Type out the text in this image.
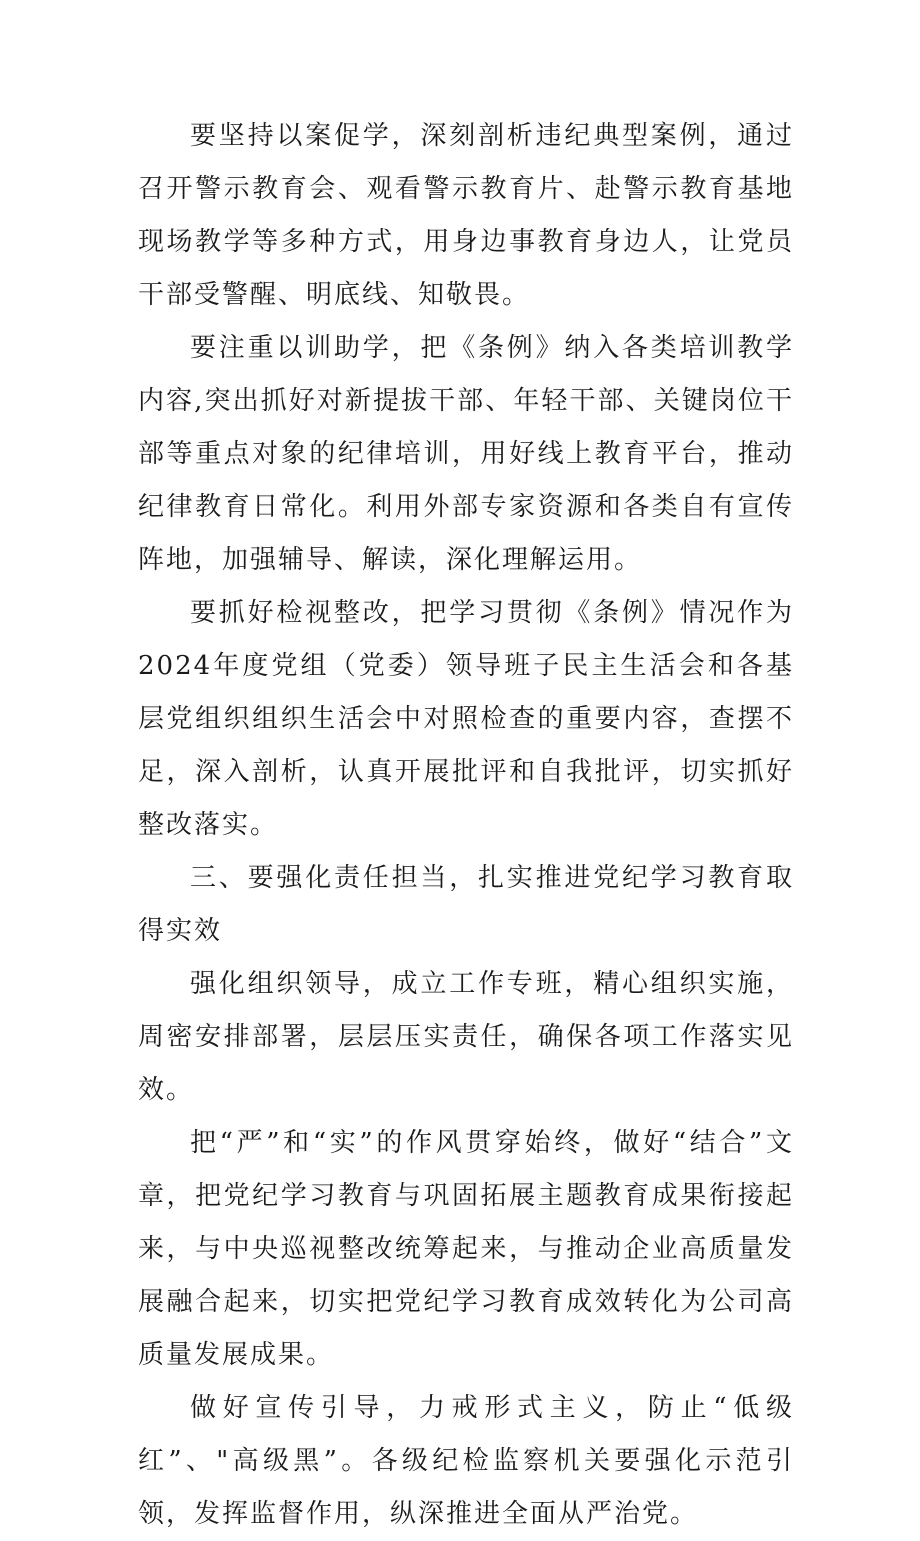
要坚持以案促学，深刻剖析违纪典型案例，通过召开警示教育会、观看警示教育片、赴警示教育基地现场教学等多种方式，用身边事教育身边人，让党员干部受警醒、明底线、知敬畏。

要注重以训助学，把《条例》纳入各类培训教学内容,突出抓好对新提拔干部、年轻干部、关键岗位干部等重点对象的纪律培训，用好线上教育平台，推动纪律教育日常化。利用外部专家资源和各类自有宣传阵地，加强辅导、解读，深化理解运用。

要抓好检视整改，把学习贯彻《条例》情况作为2024年度党组（党委）领导班子民主生活会和各基层党组织组织生活会中对照检查的重要内容，查摆不足，深入剖析，认真开展批评和自我批评，切实抓好整改落实。

三、要强化责任担当，扎实推进党纪学习教育取得实效

强化组织领导，成立工作专班，精心组织实施，周密安排部署，层层压实责任，确保各项工作落实见效。

把“严”和“实”的作风贯穿始终，做好“结合”文章，把党纪学习教育与巩固拓展主题教育成果衔接起来，与中央巡视整改统筹起来，与推动企业高质量发展融合起来，切实把党纪学习教育成效转化为公司高质量发展成果。

做好宣传引导，力戒形式主义，防止“低级红”、"高级黑”。各级纪检监察机关要强化示范引领，发挥监督作用，纵深推进全面从严治党。
